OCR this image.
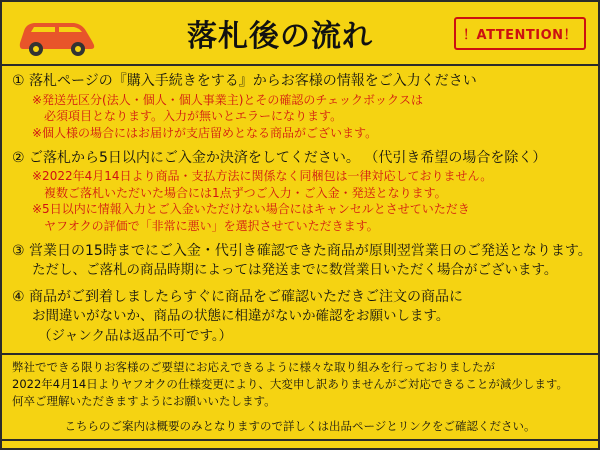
落札後の流れ	！ATTENTION！
① 落札ページの『購入手続きをする』からお客様の情報をご入力ください
※発送先区分(法人・個人・個人事業主)とその確認のチェックボックスは
必須項目となります。入力が無いとエラーになります。
※個人様の場合にはお届けが支店留めとなる商品がございます。
② ご落札から5日以内にご入金か決済をしてください。 （代引き希望の場合を除く）
※2022年4月14日より商品・支払方法に関係なく同梱包は一律対応しておりません。
複数ご落札いただいた場合には1点ずつご入力・ご入金・発送となります。
※5日以内に情報入力とご入金いただけない場合にはキャンセルとさせていただき
ヤフオクの評価で「非常に悪い」を選択させていただきます。
③ 営業日の15時までにご入金・代引き確認できた商品が原則翌営業日のご発送となります。
ただし、ご落札の商品時期によっては発送までに数営業日いただく場合がございます。
④ 商品がご到着しましたらすぐに商品をご確認いただきご注文の商品に
お間違いがないか、商品の状態に相違がないか確認をお願いします。
（ジャンク品は返品不可です。）
弊社でできる限りお客様のご要望にお応えできるように様々な取り組みを行っておりましたが
2022年4月14日よりヤフオクの仕様変更により、大変申し訳ありませんがご対応できることが減少します。
何卒ご理解いただきますようにお願いいたします。
こちらのご案内は概要のみとなりますので詳しくは出品ページとリンクをご確認ください。
